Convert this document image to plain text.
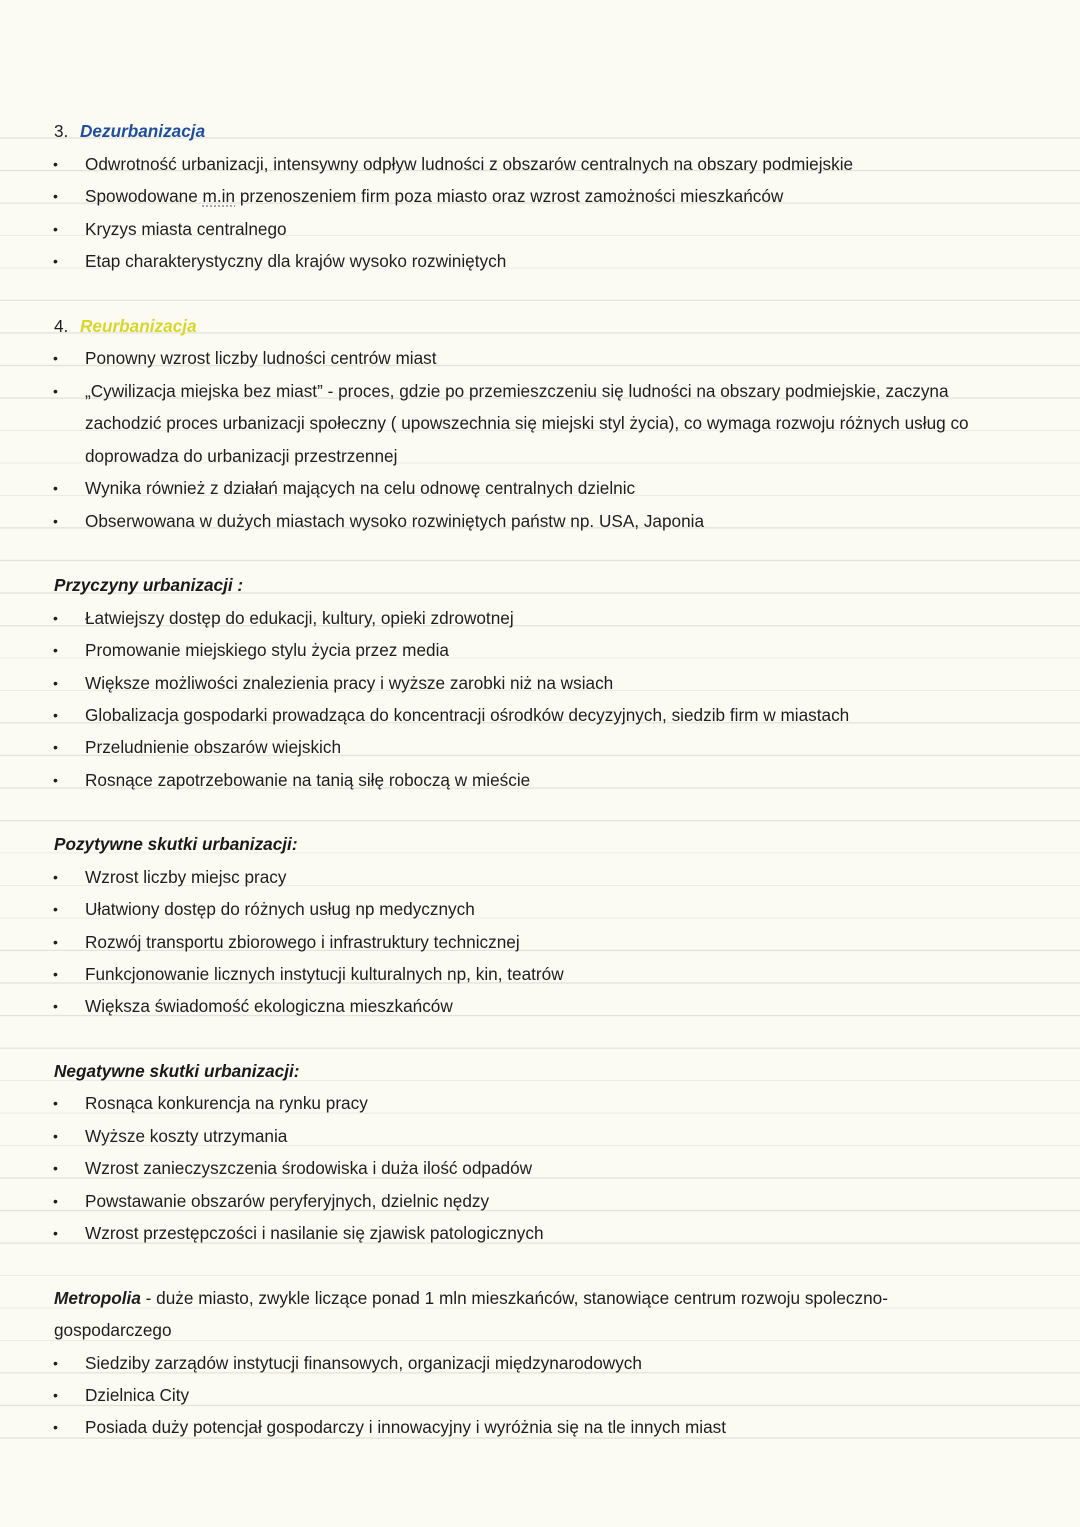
3. Dezurbanizacja
• Odwrotność urbanizacji, intensywny odpływ ludności z obszarów centralnych na obszary podmiejskie
• Spowodowane m.in przenoszeniem firm poza miasto oraz wzrost zamożności mieszkańców
• Kryzys miasta centralnego
• Etap charakterystyczny dla krajów wysoko rozwiniętych
4. Reurbanizacja
• Ponowny wzrost liczby ludności centrów miast
• „Cywilizacja miejska bez miast” - proces, gdzie po przemieszczeniu się ludności na obszary podmiejskie, zaczyna
zachodzić proces urbanizacji społeczny ( upowszechnia się miejski styl życia), co wymaga rozwoju różnych usług co
doprowadza do urbanizacji przestrzennej
• Wynika również z działań mających na celu odnowę centralnych dzielnic
• Obserwowana w dużych miastach wysoko rozwiniętych państw np. USA, Japonia
Przyczyny urbanizacji :
• Łatwiejszy dostęp do edukacji, kultury, opieki zdrowotnej
• Promowanie miejskiego stylu życia przez media
• Większe możliwości znalezienia pracy i wyższe zarobki niż na wsiach
• Globalizacja gospodarki prowadząca do koncentracji ośrodków decyzyjnych, siedzib firm w miastach
• Przeludnienie obszarów wiejskich
• Rosnące zapotrzebowanie na tanią siłę roboczą w mieście
Pozytywne skutki urbanizacji:
• Wzrost liczby miejsc pracy
• Ułatwiony dostęp do różnych usług np medycznych
• Rozwój transportu zbiorowego i infrastruktury technicznej
• Funkcjonowanie licznych instytucji kulturalnych np, kin, teatrów
• Większa świadomość ekologiczna mieszkańców
Negatywne skutki urbanizacji:
• Rosnąca konkurencja na rynku pracy
• Wyższe koszty utrzymania
• Wzrost zanieczyszczenia środowiska i duża ilość odpadów
• Powstawanie obszarów peryferyjnych, dzielnic nędzy
• Wzrost przestępczości i nasilanie się zjawisk patologicznych
Metropolia - duże miasto, zwykle liczące ponad 1 mln mieszkańców, stanowiące centrum rozwoju spoleczno-
gospodarczego
• Siedziby zarządów instytucji finansowych, organizacji międzynarodowych
• Dzielnica City
• Posiada duży potencjał gospodarczy i innowacyjny i wyróżnia się na tle innych miast
